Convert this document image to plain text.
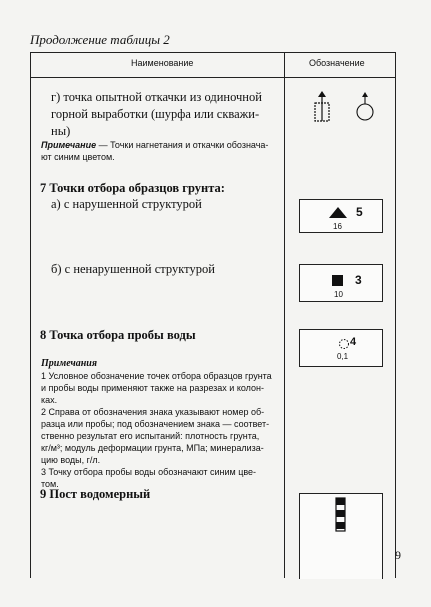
Продолжение таблицы 2
Наименование	Обозначение
г) точка опытной откачки из одиночной
горной выработки (шурфа или скважи-
ны)
Примечание — Точки нагнетания и откачки обознача-
ют синим цветом.
7 Точки отбора образцов грунта:
а) с нарушенной структурой
5
16
б) с ненарушенной структурой
3
10
8 Точка отбора пробы воды	4
0,1
Примечания
1 Условное обозначение точек отбора образцов грунта
и пробы воды применяют также на разрезах и колон-
ках.
2 Справа от обозначения знака указывают номер об-
разца или пробы; под обозначением знака — соответ-
ственно результат его испытаний: плотность грунта,
кг/м³; модуль деформации грунта, МПа; минерализа-
цию воды, г/л.
3 Точку отбора пробы воды обозначают синим цве-
том.
9 Пост водомерный
9
